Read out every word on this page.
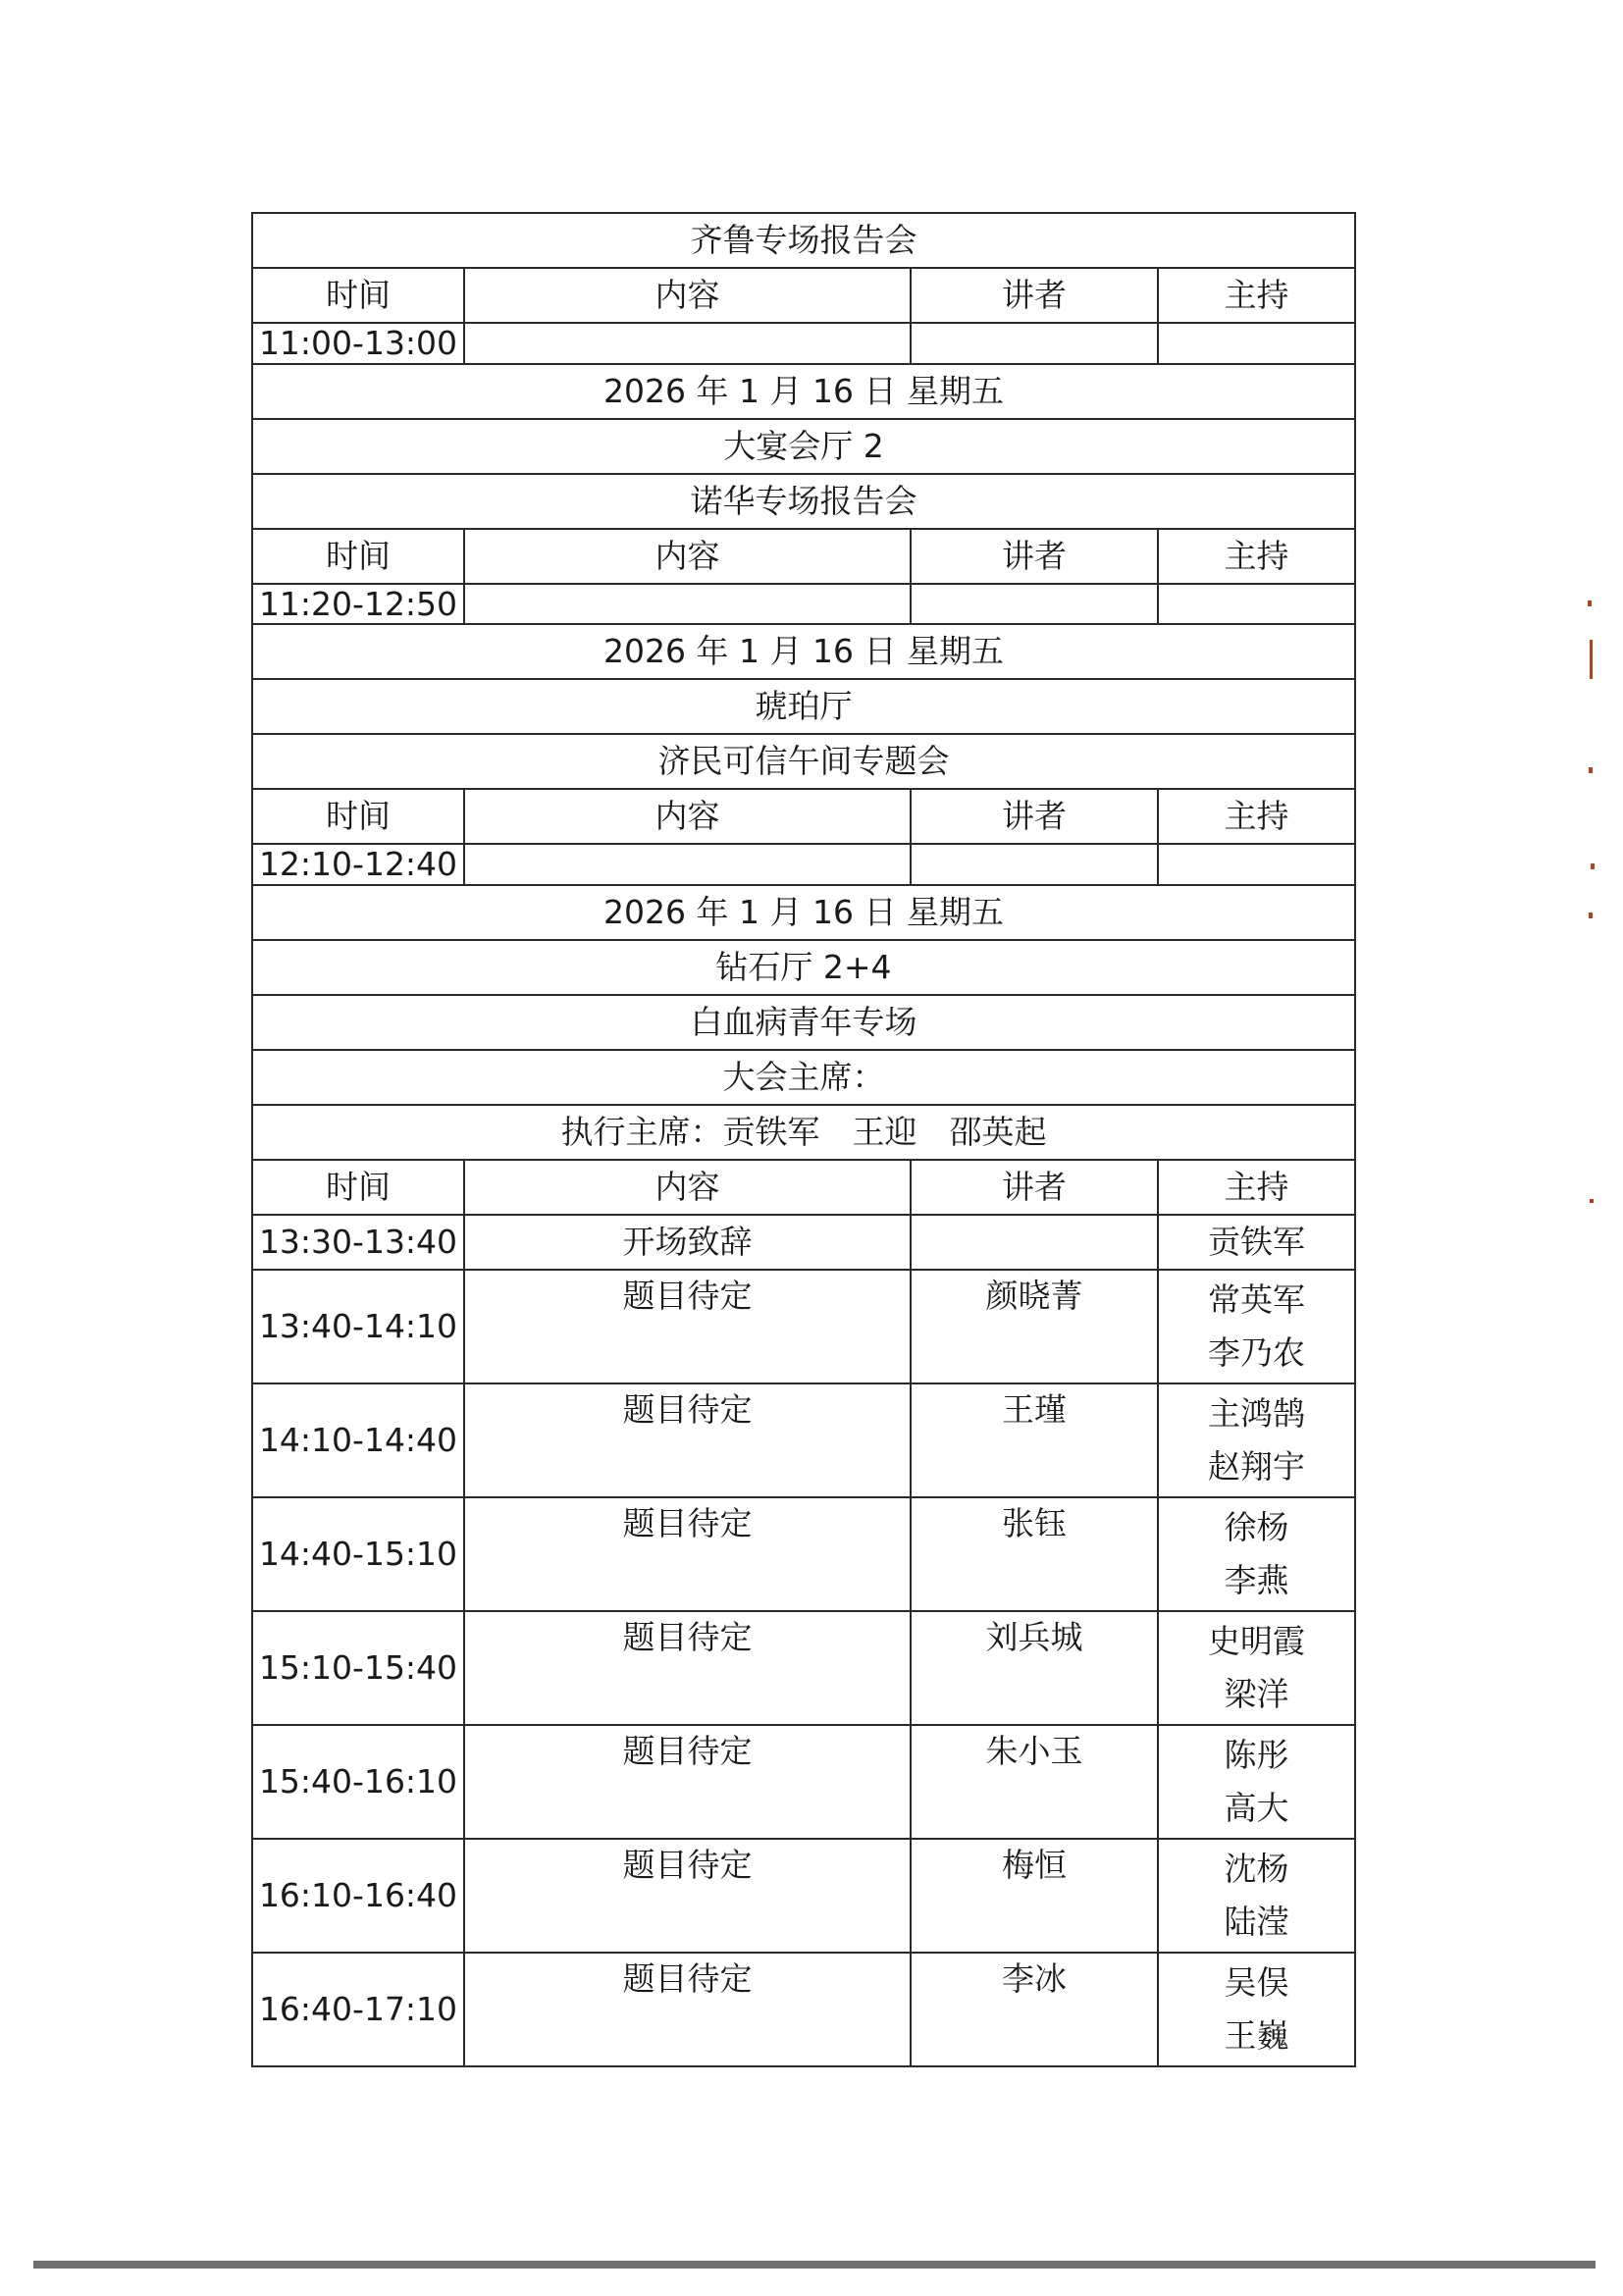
齐鲁专场报告会			
时间	内容	讲者	主持
11:00-13:00			
2026 年 1 月 16 日 星期五			
大宴会厅 2			
诺华专场报告会			
时间	内容	讲者	主持
11:20-12:50			
2026 年 1 月 16 日 星期五			
琥珀厅			
济民可信午间专题会			
时间	内容	讲者	主持
12:10-12:40			
2026 年 1 月 16 日 星期五			
钻石厅 2+4			
白血病青年专场			
大会主席：			
执行主席：贡铁军　王迎　邵英起			
时间	内容	讲者	主持
13:30-13:40	开场致辞		贡铁军
13:40-14:10	题目待定	颜晓菁	常英军
李乃农

14:10-14:40	题目待定	王瑾	主鸿鹄
赵翔宇

14:40-15:10	题目待定	张钰	徐杨
李燕

15:10-15:40	题目待定	刘兵城	史明霞
梁洋

15:40-16:10	题目待定	朱小玉	陈彤
高大

16:10-16:40	题目待定	梅恒	沈杨
陆滢

16:40-17:10	题目待定	李冰	吴俣
王巍
